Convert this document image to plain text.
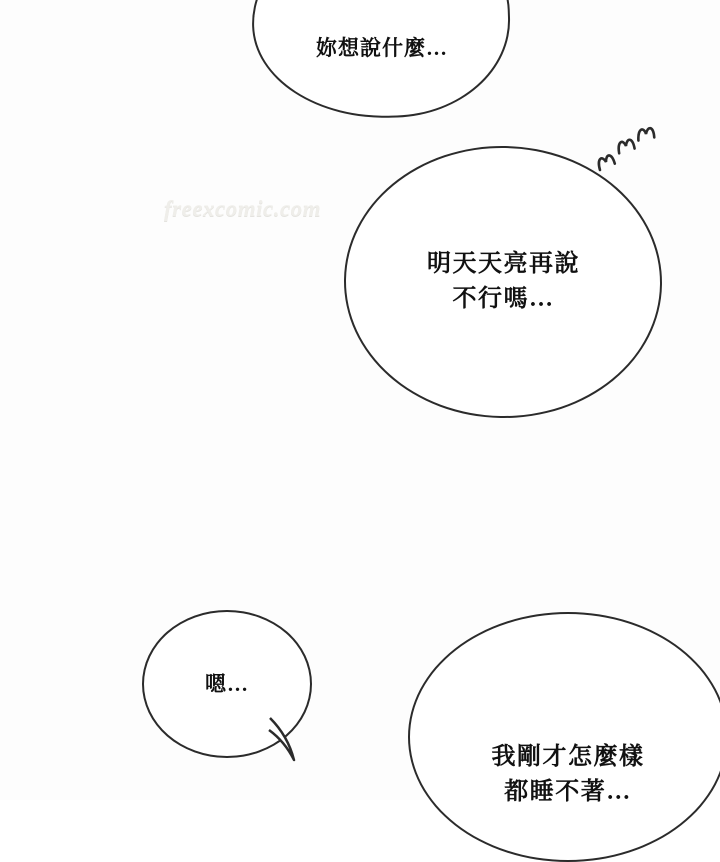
妳想說什麼…
freexcomic.com
明天天亮再說
不行嗎…
嗯…
我剛才怎麼樣
都睡不著…
